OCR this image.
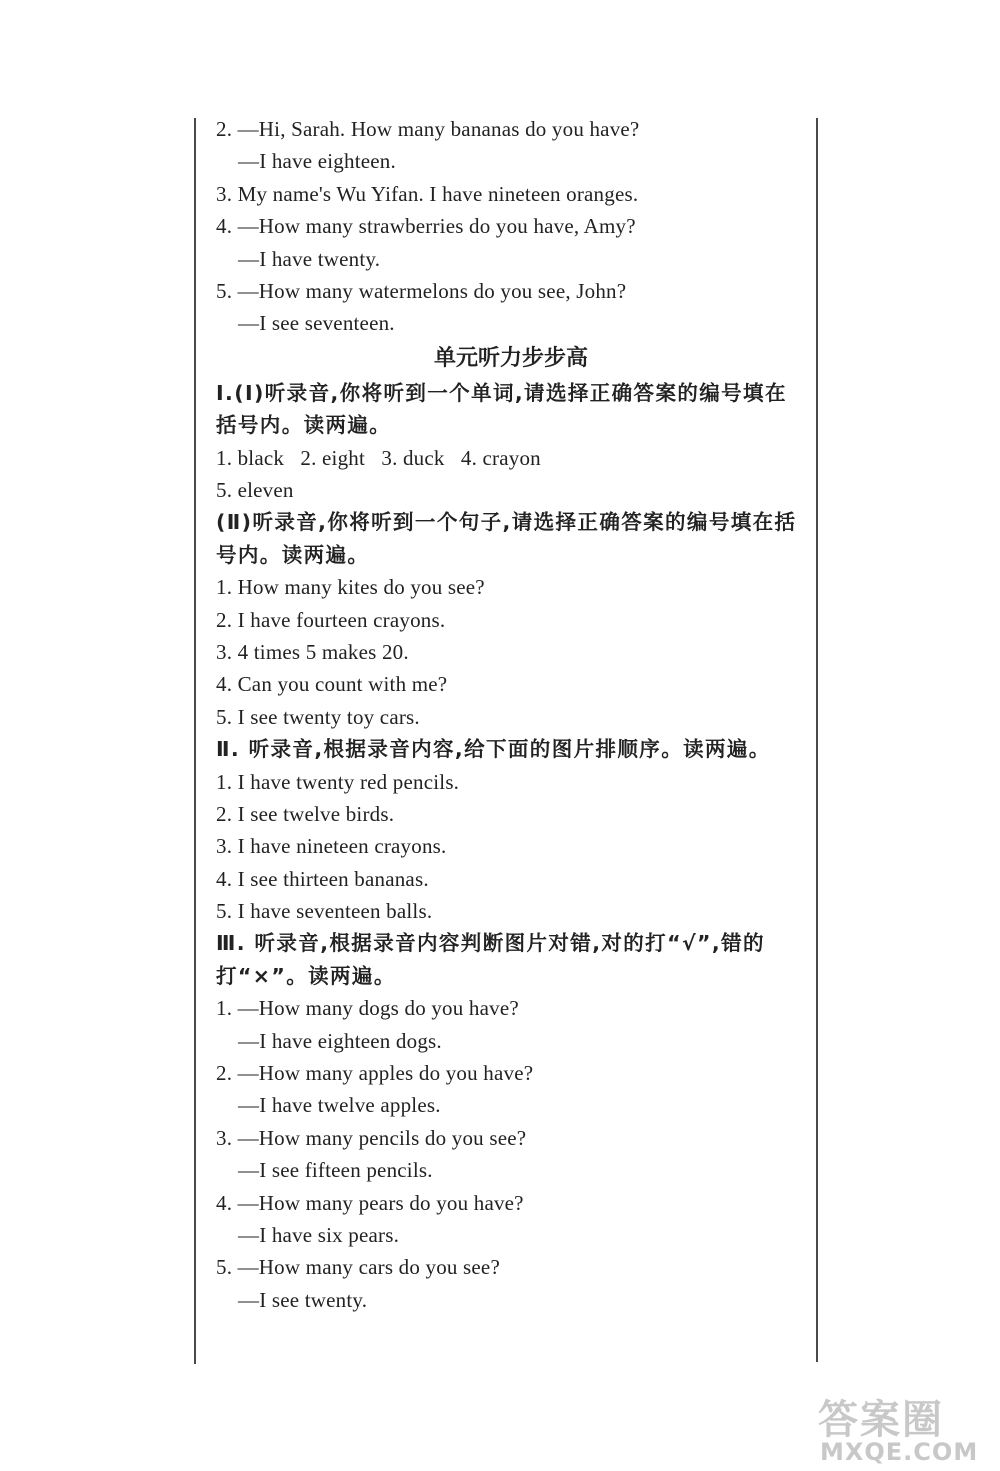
2. —Hi, Sarah. How many bananas do you have?
—I have eighteen.
3. My name's Wu Yifan. I have nineteen oranges.
4. —How many strawberries do you have, Amy?
—I have twenty.
5. —How many watermelons do you see, John?
—I see seventeen.
单元听力步步高
Ⅰ.(Ⅰ)听录音,你将听到一个单词,请选择正确答案的编号填在括号内。读两遍。
1. black   2. eight   3. duck   4. crayon
5. eleven
(Ⅱ)听录音,你将听到一个句子,请选择正确答案的编号填在括号内。读两遍。
1. How many kites do you see?
2. I have fourteen crayons.
3. 4 times 5 makes 20.
4. Can you count with me?
5. I see twenty toy cars.
Ⅱ. 听录音,根据录音内容,给下面的图片排顺序。读两遍。
1. I have twenty red pencils.
2. I see twelve birds.
3. I have nineteen crayons.
4. I see thirteen bananas.
5. I have seventeen balls.
Ⅲ. 听录音,根据录音内容判断图片对错,对的打“√”,错的打“×”。读两遍。
1. —How many dogs do you have?
—I have eighteen dogs.
2. —How many apples do you have?
—I have twelve apples.
3. —How many pencils do you see?
—I see fifteen pencils.
4. —How many pears do you have?
—I have six pears.
5. —How many cars do you see?
—I see twenty.
答案圈
MXQE.COM
